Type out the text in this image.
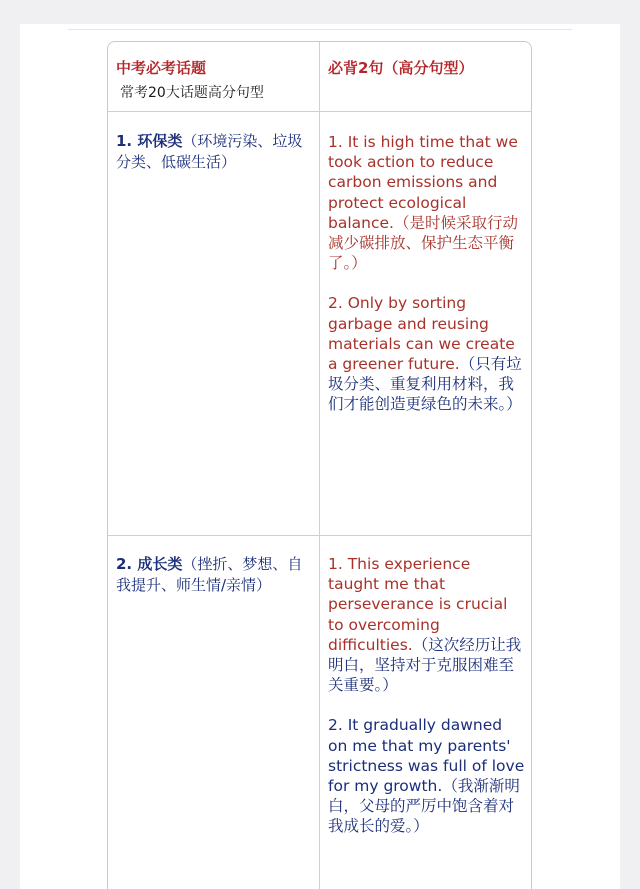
中考必考话题
常考20大话题高分句型
必背2句（高分句型）
1. 环保类（环境污染、垃圾分类、低碳生活）

1. It is high time that we took action to reduce carbon emissions and protect ecological balance.（是时候采取行动减少碳排放、保护生态平衡了。）

2. Only by sorting garbage and reusing materials can we create a greener future.（只有垃圾分类、重复利用材料，我们才能创造更绿色的未来。）

2. 成长类（挫折、梦想、自我提升、师生情/亲情）

1. This experience taught me that perseverance is crucial to overcoming difficulties.（这次经历让我明白，坚持对于克服困难至关重要。）

2. It gradually dawned on me that my parents' strictness was full of love for my growth.（我渐渐明白，父母的严厉中饱含着对我成长的爱。）
